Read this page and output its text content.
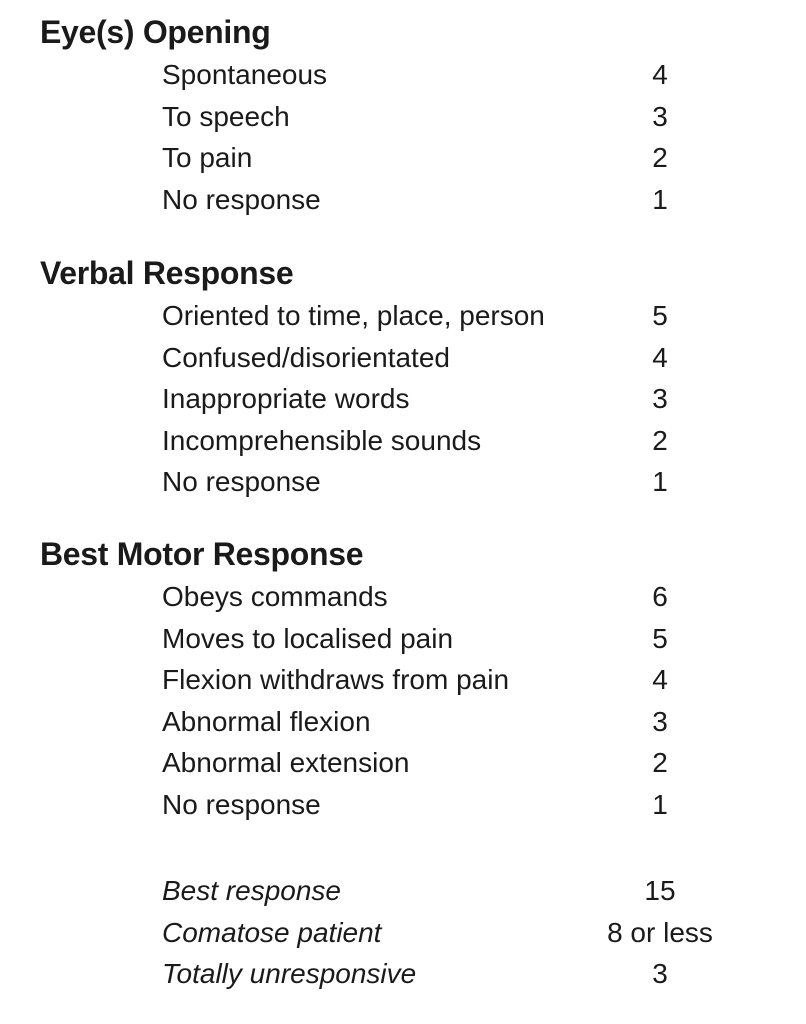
Eye(s) Opening
Spontaneous	4
To speech	3
To pain	2
No response	1
Verbal Response
Oriented to time, place, person	5
Confused/disorientated	4
Inappropriate words	3
Incomprehensible sounds	2
No response	1
Best Motor Response
Obeys commands	6
Moves to localised pain	5
Flexion withdraws from pain	4
Abnormal flexion	3
Abnormal extension	2
No response	1
Best response	15
Comatose patient	8 or less
Totally unresponsive	3
